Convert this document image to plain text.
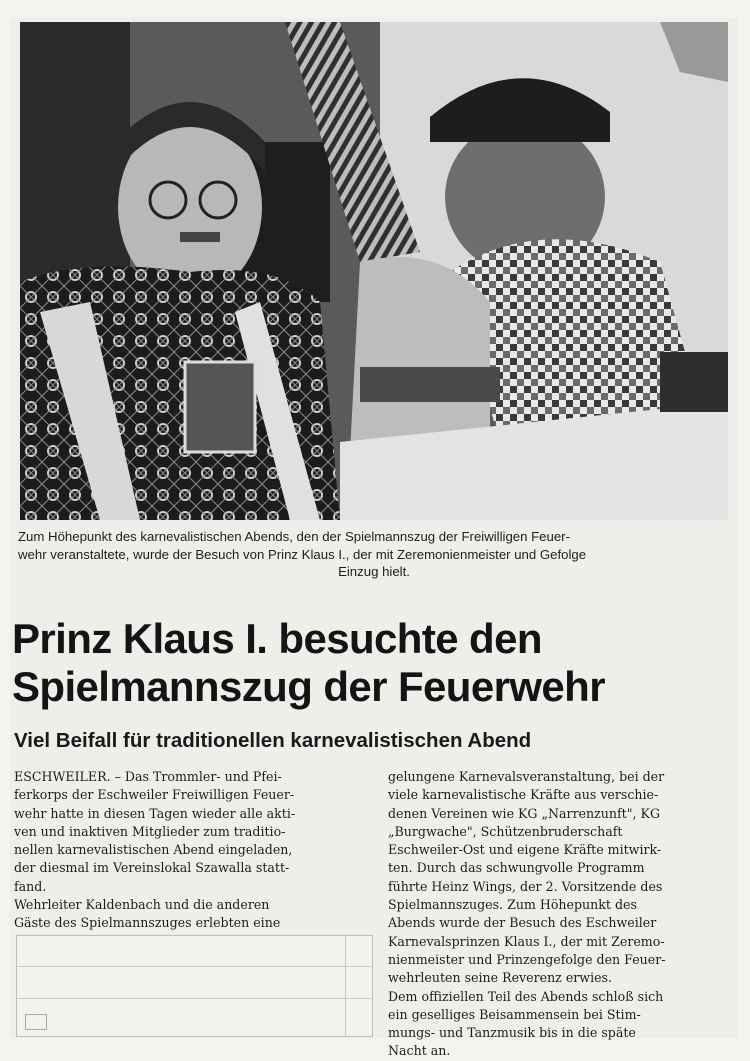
Zum Höhepunkt des karnevalistischen Abends, den der Spielmannszug der Freiwilligen Feuer-
wehr veranstaltete, wurde der Besuch von Prinz Klaus I., der mit Zeremonienmeister und Gefolge
Einzug hielt.
Prinz Klaus I. besuchte den
Spielmannszug der Feuerwehr
Viel Beifall für traditionellen karnevalistischen Abend
ESCHWEILER. – Das Trommler- und Pfei-
ferkorps der Eschweiler Freiwilligen Feuer-
wehr hatte in diesen Tagen wieder alle akti-
ven und inaktiven Mitglieder zum traditio-
nellen karnevalistischen Abend eingeladen,
der diesmal im Vereinslokal Szawalla statt-
fand.
Wehrleiter Kaldenbach und die anderen
Gäste des Spielmannszuges erlebten eine
gelungene Karnevalsveranstaltung, bei der
viele karnevalistische Kräfte aus verschie-
denen Vereinen wie KG „Narrenzunft", KG
„Burgwache", Schützenbruderschaft
Eschweiler-Ost und eigene Kräfte mitwirk-
ten. Durch das schwungvolle Programm
führte Heinz Wings, der 2. Vorsitzende des
Spielmannszuges. Zum Höhepunkt des
Abends wurde der Besuch des Eschweiler
Karnevalsprinzen Klaus I., der mit Zeremo-
nienmeister und Prinzengefolge den Feuer-
wehrleuten seine Reverenz erwies.
Dem offiziellen Teil des Abends schloß sich
ein geselliges Beisammensein bei Stim-
mungs- und Tanzmusik bis in die späte
Nacht an.
